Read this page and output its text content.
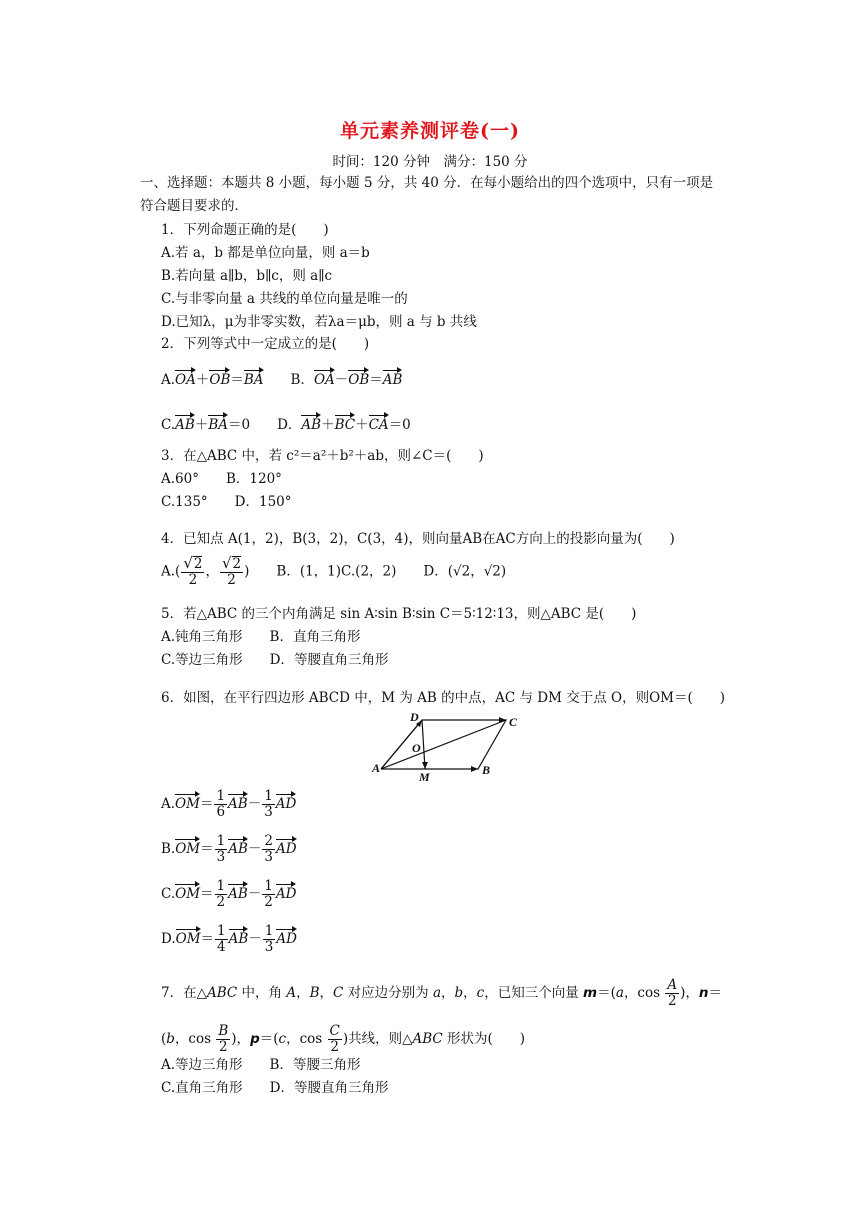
单元素养测评卷(一)
时间：120 分钟　满分：150 分
一、选择题：本题共 8 小题，每小题 5 分，共 40 分．在每小题给出的四个选项中，只有一项是符合题目要求的．
1．下列命题正确的是(　　)
A.若 a，b 都是单位向量，则 a＝b
B.若向量 a∥b，b∥c，则 a∥c
C.与非零向量 a 共线的单位向量是唯一的
D.已知λ，μ为非零实数，若λa＝μb，则 a 与 b 共线
2．下列等式中一定成立的是(　　)
A.OA＋OB＝BA　　B．OA－OB＝AB
C.AB＋BA＝0　　D．AB＋BC＋CA＝0
3．在△ABC 中，若 c²＝a²＋b²＋ab，则∠C＝(　　)
A.60°　　 B．120°
C.135°　　 D．150°
4．已知点 A(1，2)，B(3，2)，C(3，4)，则向量AB在AC方向上的投影向量为(　　)
$A.( \frac{√2}{2}$ ， $\frac{√2}{2}$ )　　B．(1，1)C.(2，2)　　 D．(√2，√2)
5．若△ABC 的三个内角满足 sin A∶sin B∶sin C＝5∶12∶13，则△ABC 是(　　)
A.钝角三角形　　 B．直角三角形
C.等边三角形　　 D．等腰直角三角形
6．如图，在平行四边形 ABCD 中，M 为 AB 的中点，AC 与 DM 交于点 O，则OM＝(　　)
A	B
C
D
M
O
$A.OM= \frac{1}{6} AB- \frac{1}{3}$ AD
$B.OM= \frac{1}{3} AB- \frac{2}{3}$ AD
$C.OM= \frac{1}{2} AB- \frac{1}{2}$ AD
$D.OM= \frac{1}{4} AB- \frac{1}{3}$ AD
7．在△ABC 中，角 A，B，C 对应边分别为 a，b，c，已知三个向量 m＝(a，$\cos \frac{A}{2}$ )，n＝(b，$\cos \frac{B}{2}$ )，p＝(c，$\cos \frac{C}{2}$ )共线，则△ABC 形状为(　　)
A.等边三角形　　 B．等腰三角形
C.直角三角形　　 D．等腰直角三角形
